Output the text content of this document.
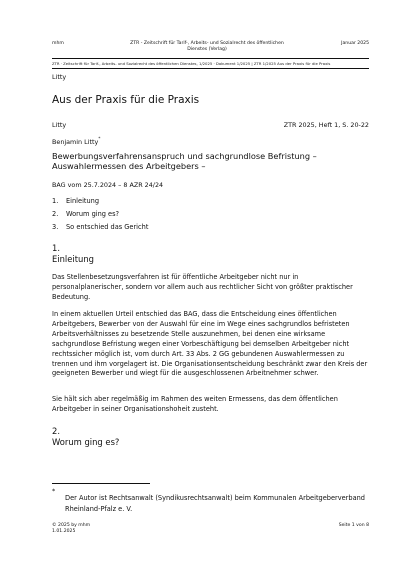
mhm	ZTR - Zeitschrift für Tarif-, Arbeits- und Sozialrecht des öffentlichen
Dienstes (Verlag)
Januar 2025
ZTR · Zeitschrift für Tarif-, Arbeits- und Sozialrecht des öffentlichen Dienstes, 1/2025 · Dokument 1/2025 | ZTR 1/2025 Aus der Praxis für die Praxis
Litty
Aus der Praxis für die Praxis
Litty	ZTR 2025, Heft 1, S. 20-22
Benjamin Litty*
Bewerbungsverfahrensanspruch und sachgrundlose Befristung –
Auswahlermessen des Arbeitgebers –
BAG vom 25.7.2024 – 8 AZR 24/24
1. Einleitung
2. Worum ging es?
3. So entschied das Gericht
1.
Einleitung
Das Stellenbesetzungsverfahren ist für öffentliche Arbeitgeber nicht nur in personalplanerischer, sondern vor allem auch aus rechtlicher Sicht von größter praktischer Bedeutung.
In einem aktuellen Urteil entschied das BAG, dass die Entscheidung eines öffentlichen Arbeitgebers, Bewerber von der Auswahl für eine im Wege eines sachgrundlos befristeten Arbeitsverhältnisses zu besetzende Stelle auszunehmen, bei denen eine wirksame sachgrundlose Befristung wegen einer Vorbeschäftigung bei demselben Arbeitgeber nicht rechtssicher möglich ist, vom durch Art. 33 Abs. 2 GG gebundenen Auswahlermessen zu trennen und ihm vorgelagert ist. Die Organisationsentscheidung beschränkt zwar den Kreis der geeigneten Bewerber und wiegt für die ausgeschlossenen Arbeitnehmer schwer.
Sie hält sich aber regelmäßig im Rahmen des weiten Ermessens, das dem öffentlichen Arbeitgeber in seiner Organisationshoheit zusteht.
2.
Worum ging es?
*
Der Autor ist Rechtsanwalt (Syndikusrechtsanwalt) beim Kommunalen Arbeitgeberverband Rheinland-Pfalz e. V.
© 2025 by mhm
1.01.2025
Seite 1 von 8
